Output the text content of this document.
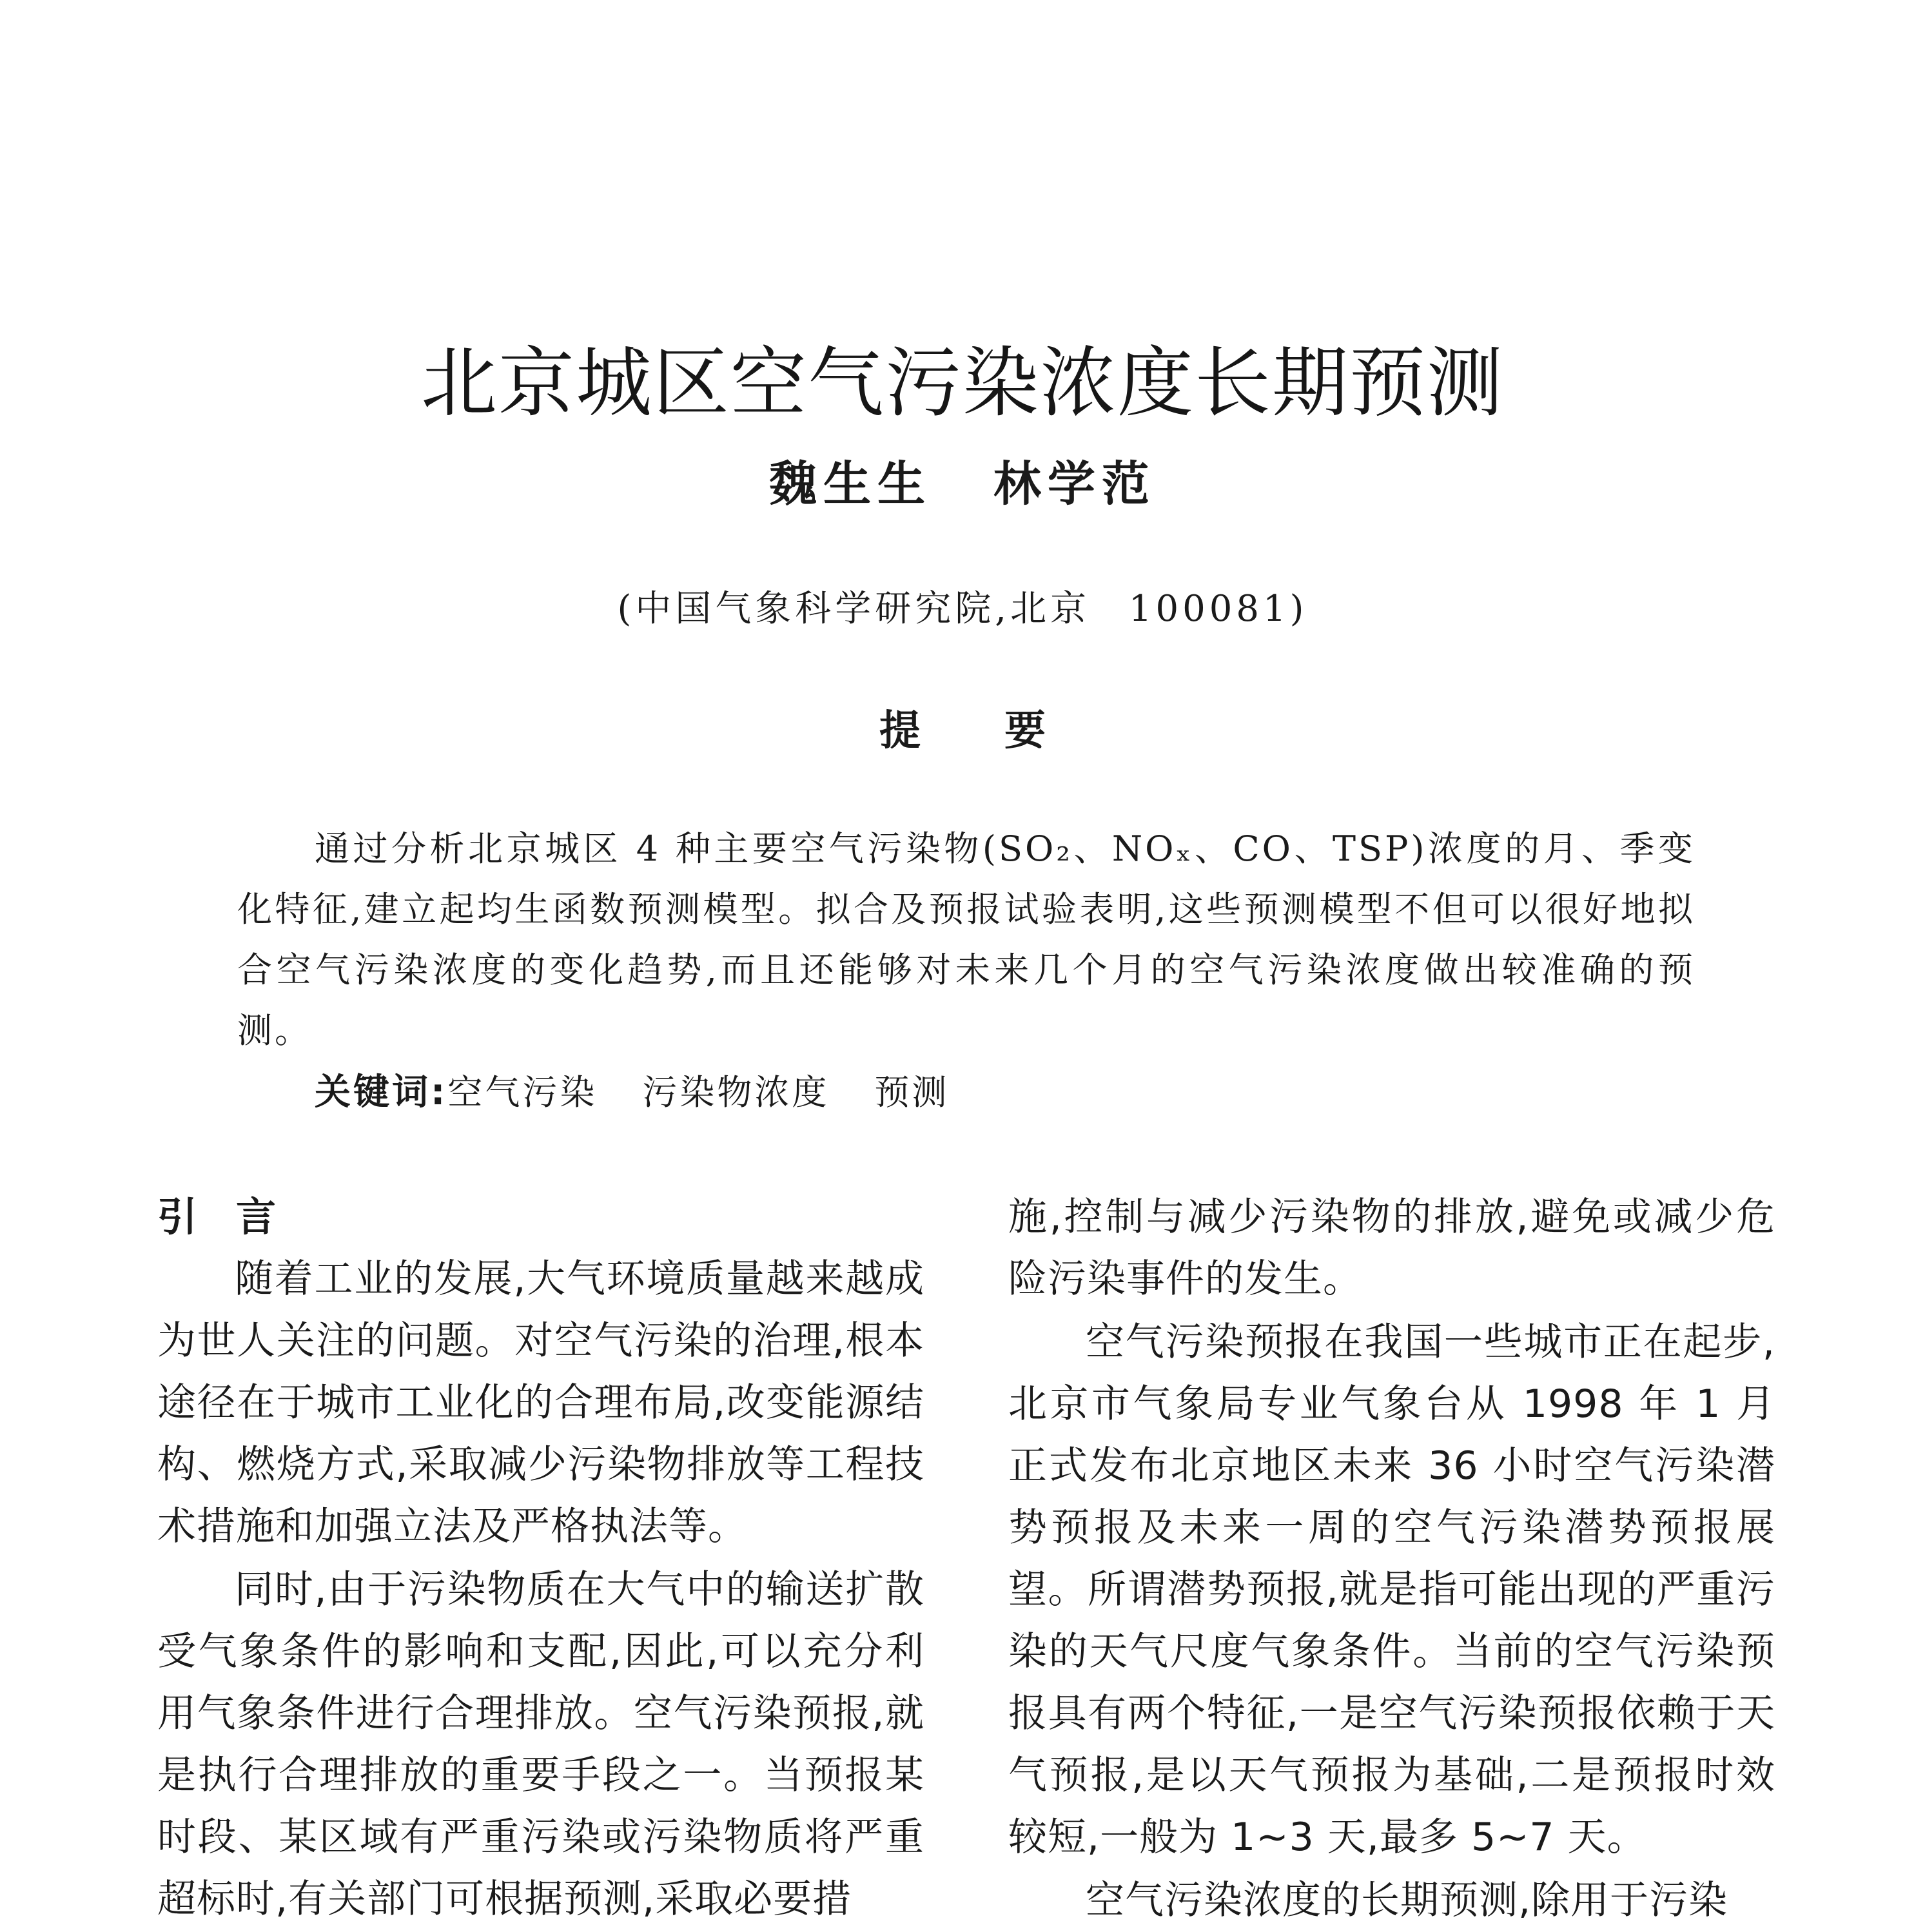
北京城区空气污染浓度长期预测
魏生生 林学范
(中国气象科学研究院,北京 100081)
提要

通过分析北京城区 4 种主要空气污染物(SO₂、NOₓ、CO、TSP)浓度的月、季变化特征,建立起均生函数预测模型。拟合及预报试验表明,这些预测模型不但可以很好地拟合空气污染浓度的变化趋势,而且还能够对未来几个月的空气污染浓度做出较准确的预测。

关键词:空气污染 污染物浓度 预测
引言

随着工业的发展,大气环境质量越来越成为世人关注的问题。对空气污染的治理,根本途径在于城市工业化的合理布局,改变能源结构、燃烧方式,采取减少污染物排放等工程技术措施和加强立法及严格执法等。

同时,由于污染物质在大气中的输送扩散受气象条件的影响和支配,因此,可以充分利用气象条件进行合理排放。空气污染预报,就是执行合理排放的重要手段之一。当预报某时段、某区域有严重污染或污染物质将严重超标时,有关部门可根据预测,采取必要措

施,控制与减少污染物的排放,避免或减少危险污染事件的发生。

空气污染预报在我国一些城市正在起步,北京市气象局专业气象台从 1998 年 1 月正式发布北京地区未来 36 小时空气污染潜势预报及未来一周的空气污染潜势预报展望。所谓潜势预报,就是指可能出现的严重污染的天气尺度气象条件。当前的空气污染预报具有两个特征,一是空气污染预报依赖于天气预报,是以天气预报为基础,二是预报时效较短,一般为 1~3 天,最多 5~7 天。

空气污染浓度的长期预测,除用于污染
